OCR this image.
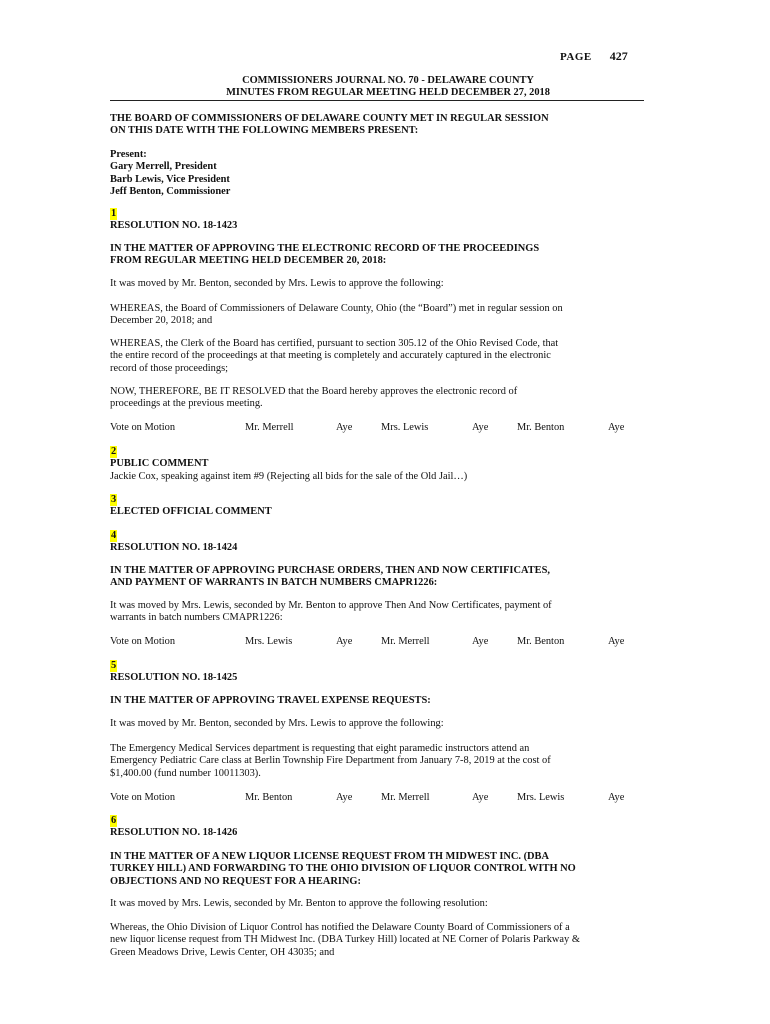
PAGE 427
COMMISSIONERS JOURNAL NO. 70 - DELAWARE COUNTY
MINUTES FROM REGULAR MEETING HELD DECEMBER 27, 2018
THE BOARD OF COMMISSIONERS OF DELAWARE COUNTY MET IN REGULAR SESSION
ON THIS DATE WITH THE FOLLOWING MEMBERS PRESENT:
Present:
Gary Merrell, President
Barb Lewis, Vice President
Jeff Benton, Commissioner
1
RESOLUTION NO. 18-1423
IN THE MATTER OF APPROVING THE ELECTRONIC RECORD OF THE PROCEEDINGS
FROM REGULAR MEETING HELD DECEMBER 20, 2018:
It was moved by Mr. Benton, seconded by Mrs. Lewis to approve the following:
WHEREAS, the Board of Commissioners of Delaware County, Ohio (the “Board”) met in regular session on
December 20, 2018; and
WHEREAS, the Clerk of the Board has certified, pursuant to section 305.12 of the Ohio Revised Code, that
the entire record of the proceedings at that meeting is completely and accurately captured in the electronic
record of those proceedings;
NOW, THEREFORE, BE IT RESOLVED that the Board hereby approves the electronic record of
proceedings at the previous meeting.
Vote on Motion	Mr. Merrell	Aye	Mrs. Lewis	Aye	Mr. Benton	Aye
2
PUBLIC COMMENT
Jackie Cox, speaking against item #9 (Rejecting all bids for the sale of the Old Jail…)
3
ELECTED OFFICIAL COMMENT
4
RESOLUTION NO. 18-1424
IN THE MATTER OF APPROVING PURCHASE ORDERS, THEN AND NOW CERTIFICATES,
AND PAYMENT OF WARRANTS IN BATCH NUMBERS CMAPR1226:
It was moved by Mrs. Lewis, seconded by Mr. Benton to approve Then And Now Certificates, payment of
warrants in batch numbers CMAPR1226:
Vote on Motion	Mrs. Lewis	Aye	Mr. Merrell	Aye	Mr. Benton	Aye
5
RESOLUTION NO. 18-1425
IN THE MATTER OF APPROVING TRAVEL EXPENSE REQUESTS:
It was moved by Mr. Benton, seconded by Mrs. Lewis to approve the following:
The Emergency Medical Services department is requesting that eight paramedic instructors attend an
Emergency Pediatric Care class at Berlin Township Fire Department from January 7-8, 2019 at the cost of
$1,400.00 (fund number 10011303).
Vote on Motion	Mr. Benton	Aye	Mr. Merrell	Aye	Mrs. Lewis	Aye
6
RESOLUTION NO. 18-1426
IN THE MATTER OF A NEW LIQUOR LICENSE REQUEST FROM TH MIDWEST INC. (DBA
TURKEY HILL) AND FORWARDING TO THE OHIO DIVISION OF LIQUOR CONTROL WITH NO
OBJECTIONS AND NO REQUEST FOR A HEARING:
It was moved by Mrs. Lewis, seconded by Mr. Benton to approve the following resolution:
Whereas, the Ohio Division of Liquor Control has notified the Delaware County Board of Commissioners of a
new liquor license request from TH Midwest Inc. (DBA Turkey Hill) located at NE Corner of Polaris Parkway &
Green Meadows Drive, Lewis Center, OH 43035; and
